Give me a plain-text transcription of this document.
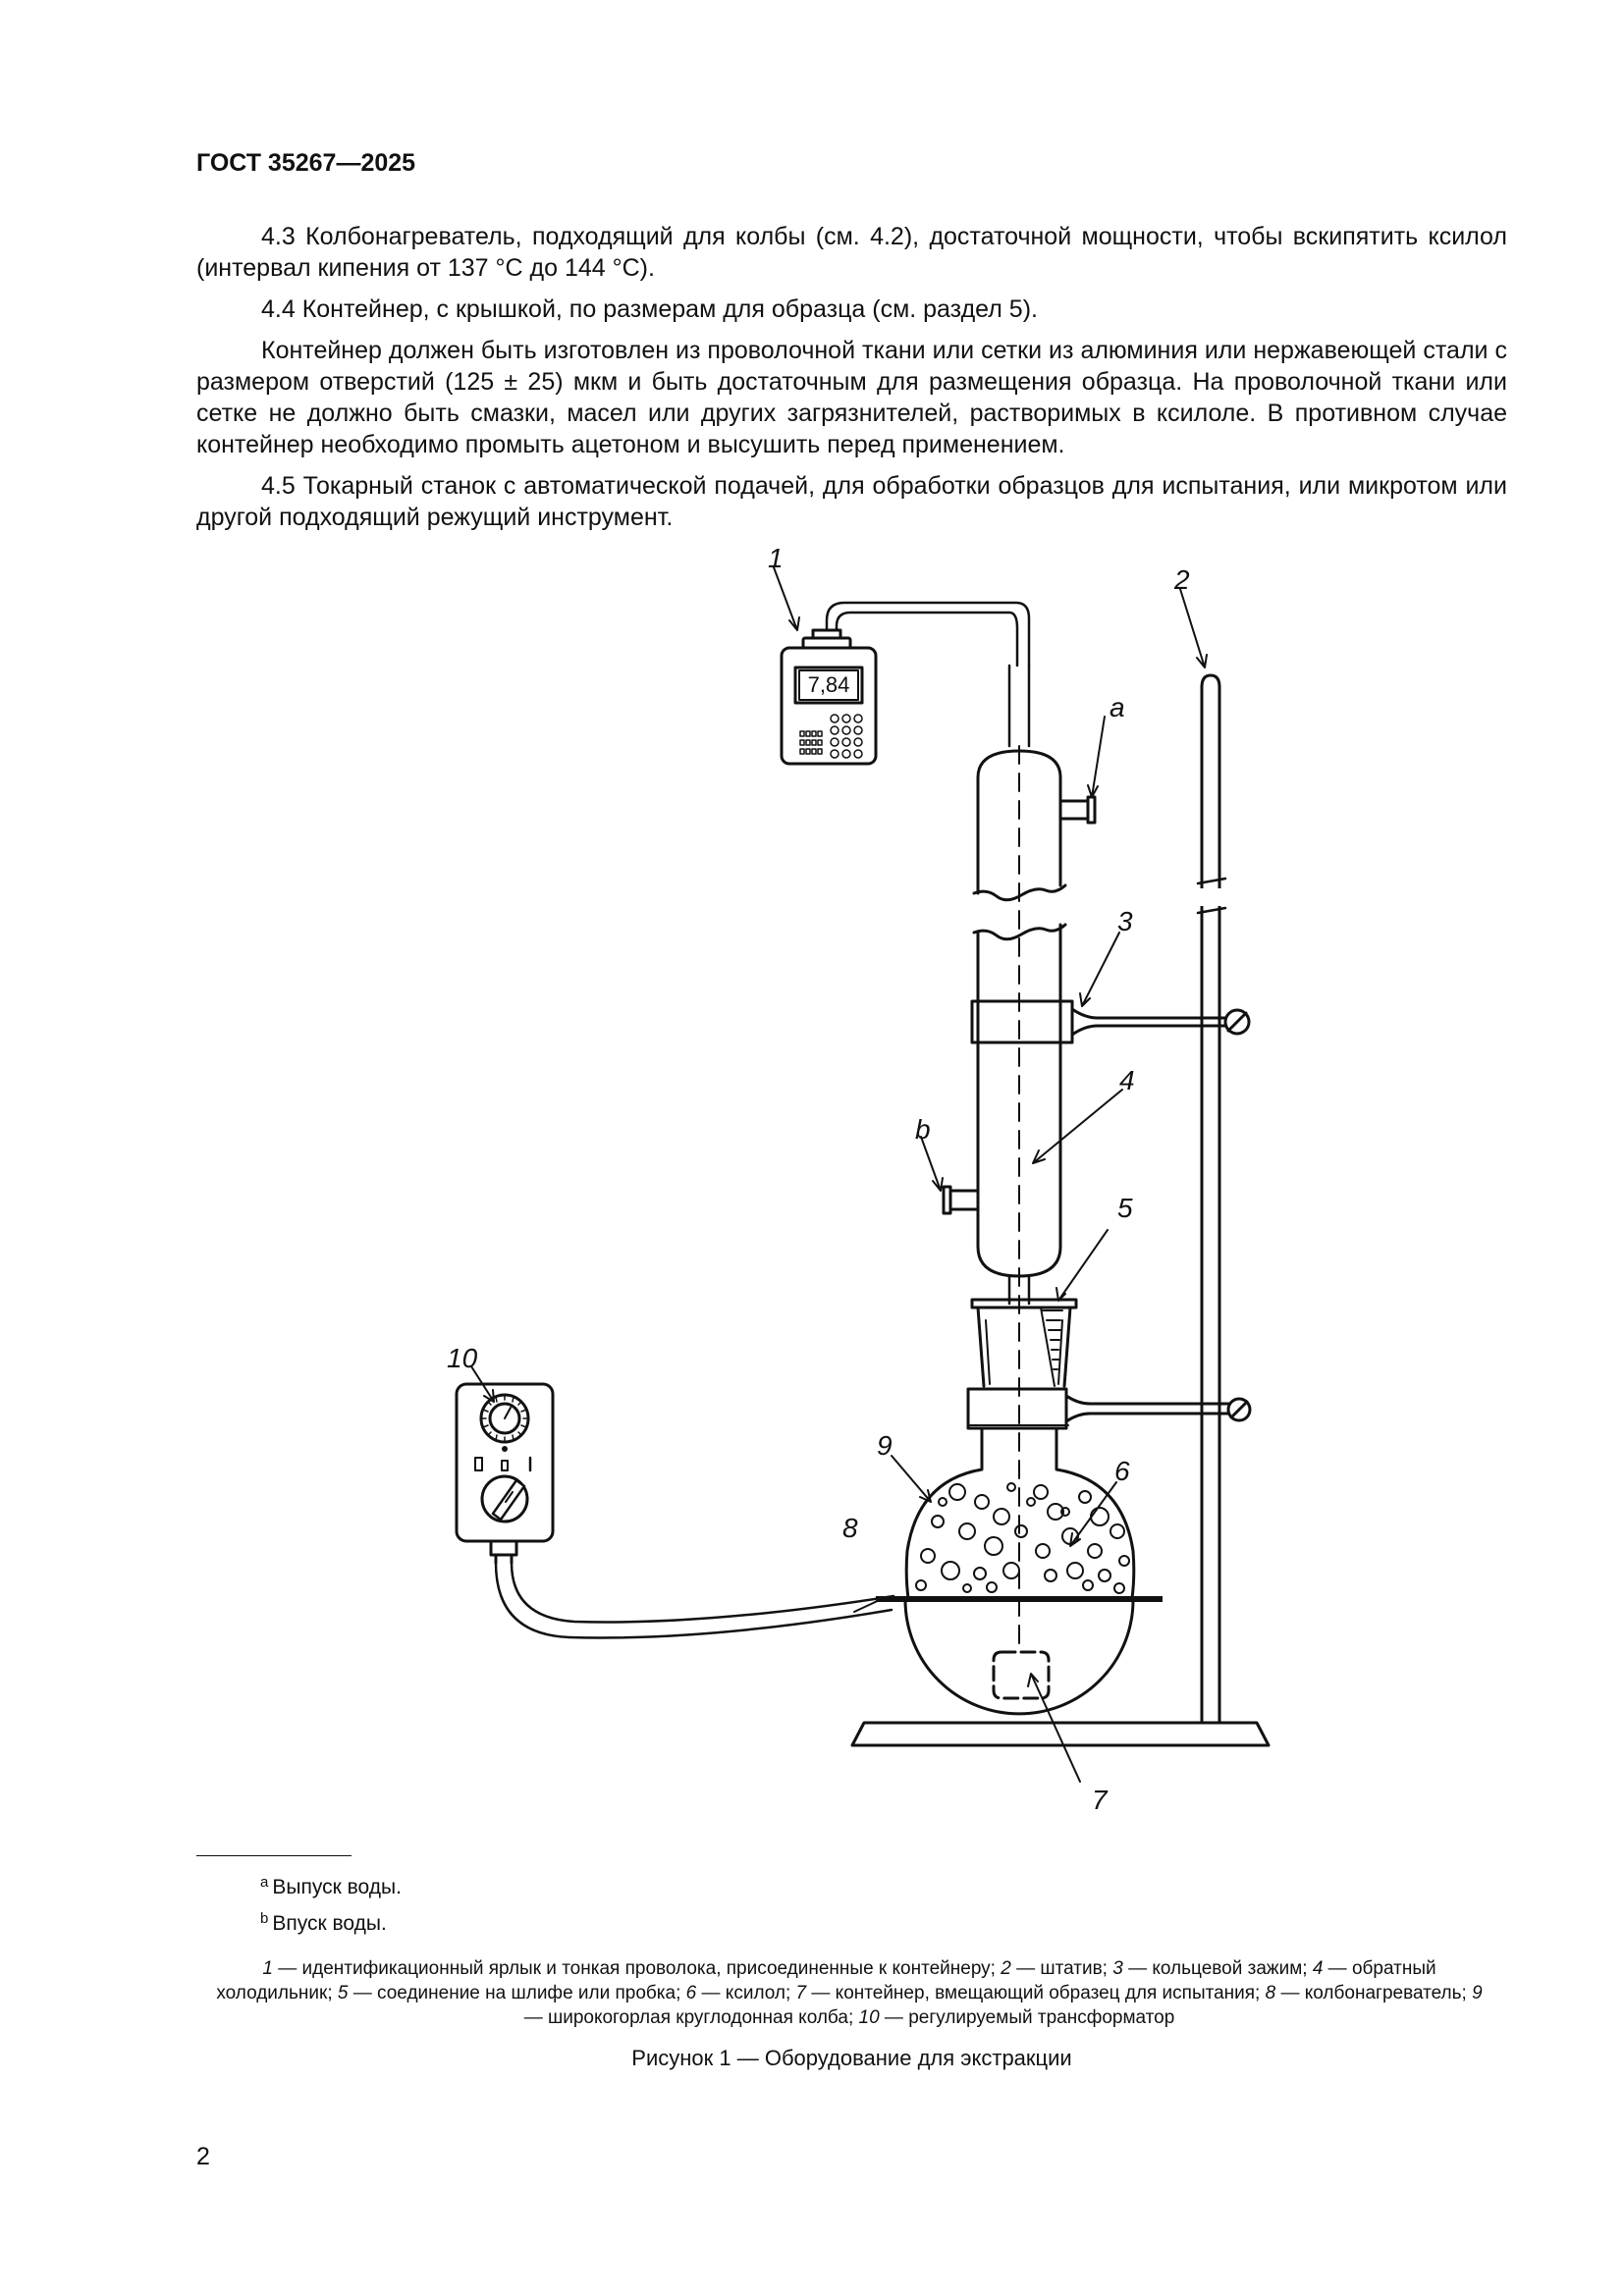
ГОСТ 35267—2025

4.3 Колбонагреватель, подходящий для колбы (см. 4.2), достаточной мощности, чтобы вскипятить ксилол (интервал кипения от 137 °С до 144 °С).

4.4 Контейнер, с крышкой, по размерам для образца (см. раздел 5).

Контейнер должен быть изготовлен из проволочной ткани или сетки из алюминия или нержавеющей стали с размером отверстий (125 ± 25) мкм и быть достаточным для размещения образца. На проволочной ткани или сетке не должно быть смазки, масел или других загрязнителей, растворимых в ксилоле. В противном случае контейнер необходимо промыть ацетоном и высушить перед применением.

4.5 Токарный станок с автоматической подачей, для обработки образцов для испытания, или микротом или другой подходящий режущий инструмент.

1
2
a
3
b
4
5
10
9
6
8
7
7,84
$^a$ Выпуск воды.
$^b$ Впуск воды.
1 — идентификационный ярлык и тонкая проволока, присоединенные к контейнеру; 2 — штатив; 3 — кольцевой зажим; 4 — обратный холодильник; 5 — соединение на шлифе или пробка; 6 — ксилол; 7 — контейнер, вмещающий образец для испытания; 8 — колбонагреватель; 9 — широкогорлая круглодонная колба; 10 — регулируемый трансформатор
Рисунок 1 — Оборудование для экстракции
2
